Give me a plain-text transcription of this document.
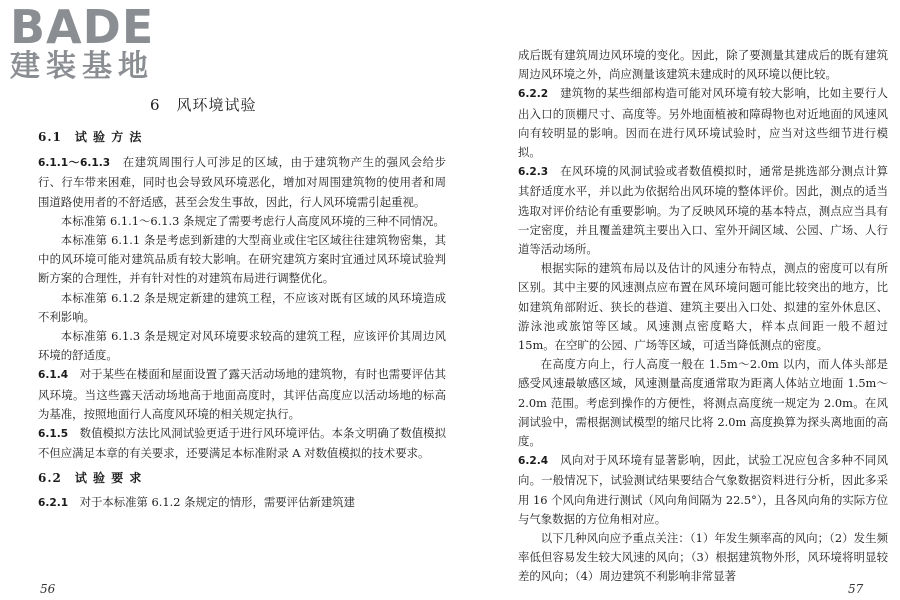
BADE
建装基地
6　风环境试验

6.1　试 验 方 法

6.1.1～6.1.3　在建筑周围行人可涉足的区域，由于建筑物产生的强风会给步行、行车带来困难，同时也会导致风环境恶化，增加对周围建筑物的使用者和周围道路使用者的不舒适感，甚至会发生事故，因此，行人风环境需引起重视。

本标准第 6.1.1～6.1.3 条规定了需要考虑行人高度风环境的三种不同情况。

本标准第 6.1.1 条是考虑到新建的大型商业或住宅区域往往建筑物密集，其中的风环境可能对建筑品质有较大影响。在研究建筑方案时宜通过风环境试验判断方案的合理性，并有针对性的对建筑布局进行调整优化。

本标准第 6.1.2 条是规定新建的建筑工程，不应该对既有区域的风环境造成不利影响。

本标准第 6.1.3 条是规定对风环境要求较高的建筑工程，应该评价其周边风环境的舒适度。

6.1.4　对于某些在楼面和屋面设置了露天活动场地的建筑物，有时也需要评估其风环境。当这些露天活动场地高于地面高度时，其评估高度应以活动场地的标高为基准，按照地面行人高度风环境的相关规定执行。

6.1.5　数值模拟方法比风洞试验更适于进行风环境评估。本条文明确了数值模拟不但应满足本章的有关要求，还要满足本标准附录 A 对数值模拟的技术要求。

6.2　试 验 要 求

6.2.1　对于本标准第 6.1.2 条规定的情形，需要评估新建筑建

56

成后既有建筑周边风环境的变化。因此，除了要测量其建成后的既有建筑周边风环境之外，尚应测量该建筑未建成时的风环境以便比较。

6.2.2　建筑物的某些细部构造可能对风环境有较大影响，比如主要行人出入口的顶棚尺寸、高度等。另外地面植被和障碍物也对近地面的风速风向有较明显的影响。因而在进行风环境试验时，应当对这些细节进行模拟。

6.2.3　在风环境的风洞试验或者数值模拟时，通常是挑选部分测点计算其舒适度水平，并以此为依据给出风环境的整体评价。因此，测点的适当选取对评价结论有重要影响。为了反映风环境的基本特点，测点应当具有一定密度，并且覆盖建筑主要出入口、室外开阔区域、公园、广场、人行道等活动场所。

根据实际的建筑布局以及估计的风速分布特点，测点的密度可以有所区别。其中主要的风速测点应布置在风环境问题可能比较突出的地方，比如建筑角部附近、狭长的巷道、建筑主要出入口处、拟建的室外休息区、游泳池或旅馆等区域。风速测点密度略大，样本点间距一般不超过 15m。在空旷的公园、广场等区域，可适当降低测点的密度。

在高度方向上，行人高度一般在 1.5m～2.0m 以内，而人体头部是感受风速最敏感区域，风速测量高度通常取为距离人体站立地面 1.5m～2.0m 范围。考虑到操作的方便性，将测点高度统一规定为 2.0m。在风洞试验中，需根据测试模型的缩尺比将 2.0m 高度换算为探头离地面的高度。

6.2.4　风向对于风环境有显著影响，因此，试验工况应包含多种不同风向。一般情况下，试验测试结果要结合气象数据资料进行分析，因此多采用 16 个风向角进行测试（风向角间隔为 22.5°），且各风向角的实际方位与气象数据的方位角相对应。

以下几种风向应予重点关注：（1）年发生频率高的风向；（2）发生频率低但容易发生较大风速的风向；（3）根据建筑物外形，风环境将明显较差的风向；（4）周边建筑不利影响非常显著

57
